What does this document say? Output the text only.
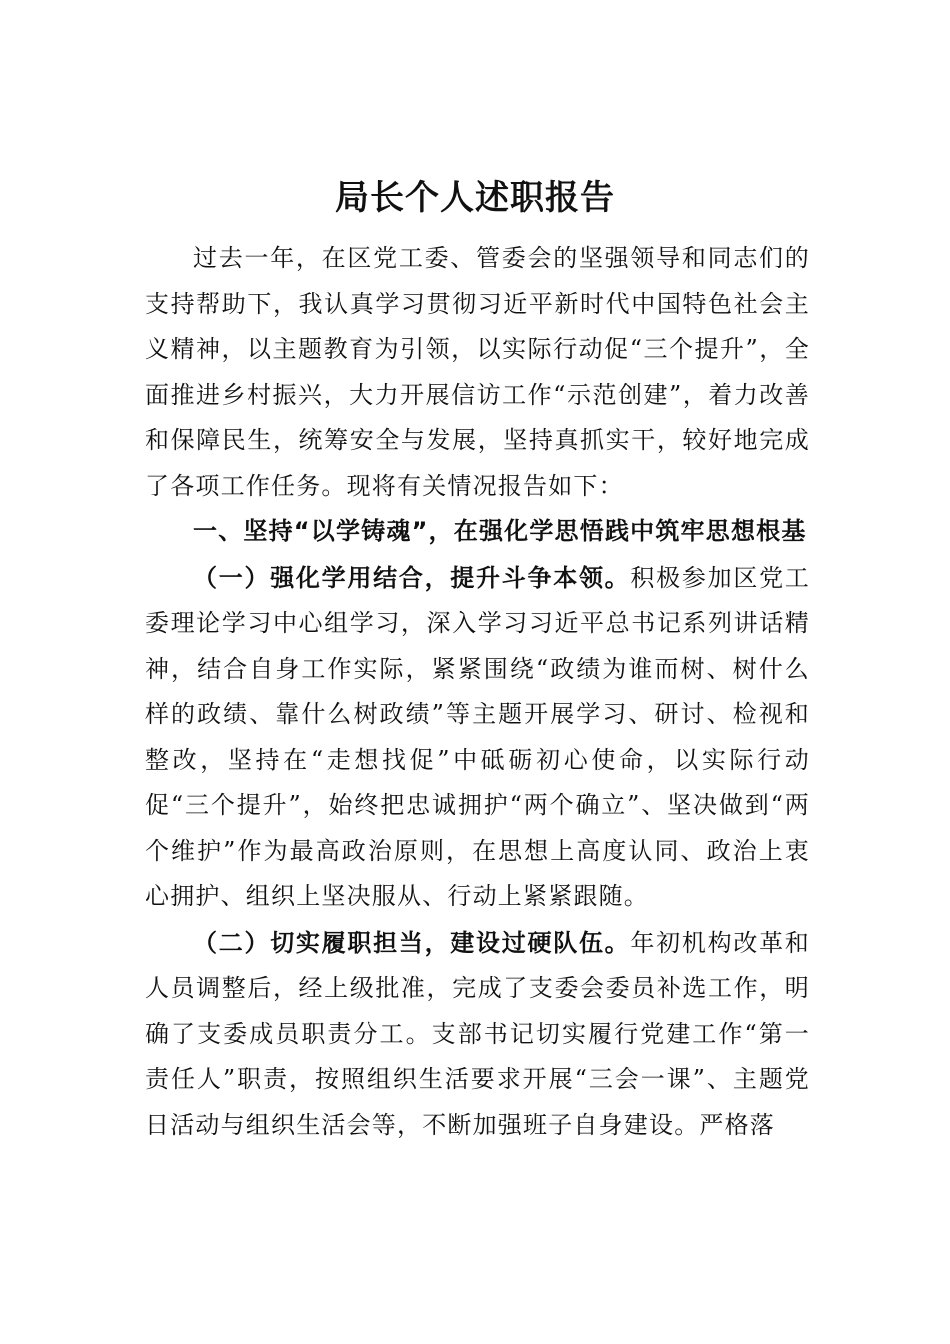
局长个人述职报告

过去一年，在区党工委、管委会的坚强领导和同志们的支持帮助下，我认真学习贯彻习近平新时代中国特色社会主义精神，以主题教育为引领，以实际行动促“三个提升”，全面推进乡村振兴，大力开展信访工作“示范创建”，着力改善和保障民生，统筹安全与发展，坚持真抓实干，较好地完成了各项工作任务。现将有关情况报告如下：

一、坚持“以学铸魂”，在强化学思悟践中筑牢思想根基

（一）强化学用结合，提升斗争本领。积极参加区党工委理论学习中心组学习，深入学习习近平总书记系列讲话精神，结合自身工作实际，紧紧围绕“政绩为谁而树、树什么样的政绩、靠什么树政绩”等主题开展学习、研讨、检视和整改，坚持在“走想找促”中砥砺初心使命，以实际行动促“三个提升”，始终把忠诚拥护“两个确立”、坚决做到“两个维护”作为最高政治原则，在思想上高度认同、政治上衷心拥护、组织上坚决服从、行动上紧紧跟随。

（二）切实履职担当，建设过硬队伍。年初机构改革和人员调整后，经上级批准，完成了支委会委员补选工作，明确了支委成员职责分工。支部书记切实履行党建工作“第一责任人”职责，按照组织生活要求开展“三会一课”、主题党日活动与组织生活会等，不断加强班子自身建设。严格落
